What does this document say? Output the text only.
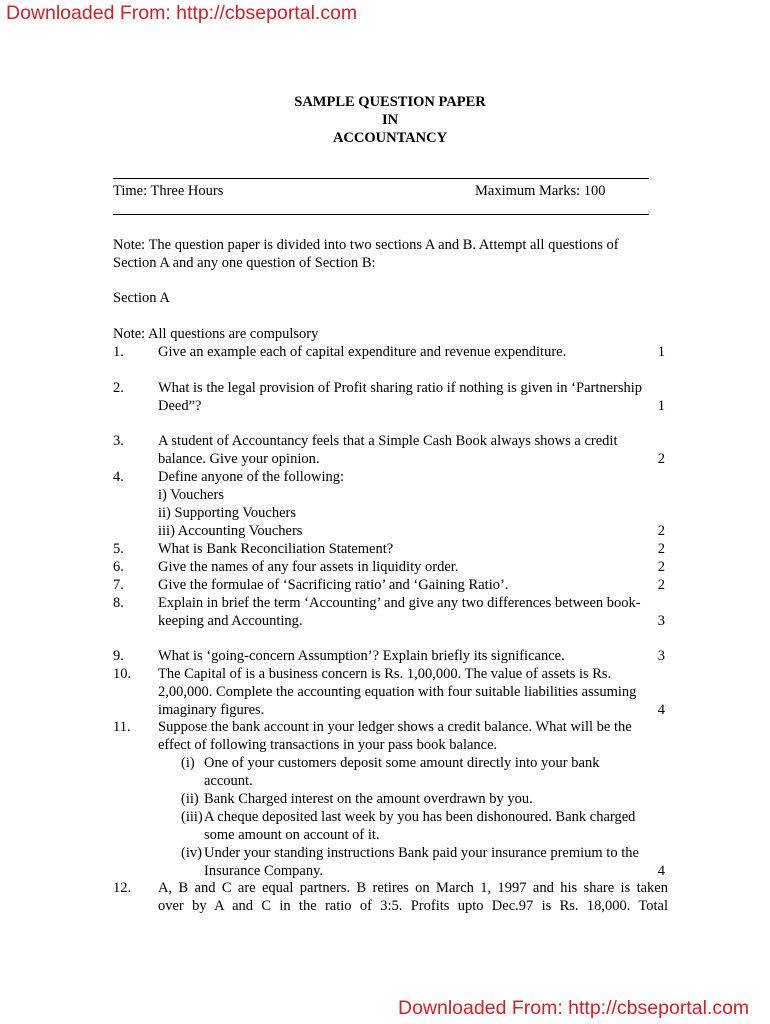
Downloaded From: http://cbseportal.com
Downloaded From: http://cbseportal.com
SAMPLE QUESTION PAPER
IN
ACCOUNTANCY
Time: Three Hours	Maximum Marks: 100
Note: The question paper is divided into two sections A and B. Attempt all questions of
Section A and any one question of Section B:
Section A
Note: All questions are compulsory
1. Give an example each of capital expenditure and revenue expenditure.	1
2. What is the legal provision of Profit sharing ratio if nothing is given in ‘Partnership
Deed”?	1
3. A student of Accountancy feels that a Simple Cash Book always shows a credit
balance. Give your opinion.	2
4. Define anyone of the following:
i) Vouchers
ii) Supporting Vouchers
iii) Accounting Vouchers	2
5. What is Bank Reconciliation Statement?	2
6. Give the names of any four assets in liquidity order.	2
7. Give the formulae of ‘Sacrificing ratio’ and ‘Gaining Ratio’.	2
8. Explain in brief the term ‘Accounting’ and give any two differences between book-
keeping and Accounting.	3
9. What is ‘going-concern Assumption’? Explain briefly its significance.	3
10. The Capital of is a business concern is Rs. 1,00,000. The value of assets is Rs.
2,00,000. Complete the accounting equation with four suitable liabilities assuming
imaginary figures.	4
11. Suppose the bank account in your ledger shows a credit balance. What will be the
effect of following transactions in your pass book balance.
(i) One of your customers deposit some amount directly into your bank
account.
(ii) Bank Charged interest on the amount overdrawn by you.
(iii) A cheque deposited last week by you has been dishonoured. Bank charged
some amount on account of it.
(iv) Under your standing instructions Bank paid your insurance premium to the
Insurance Company.	4
12. A, B and C are equal partners. B retires on March 1, 1997 and his share is taken
over by A and C in the ratio of 3:5. Profits upto Dec.97 is Rs. 18,000. Total
